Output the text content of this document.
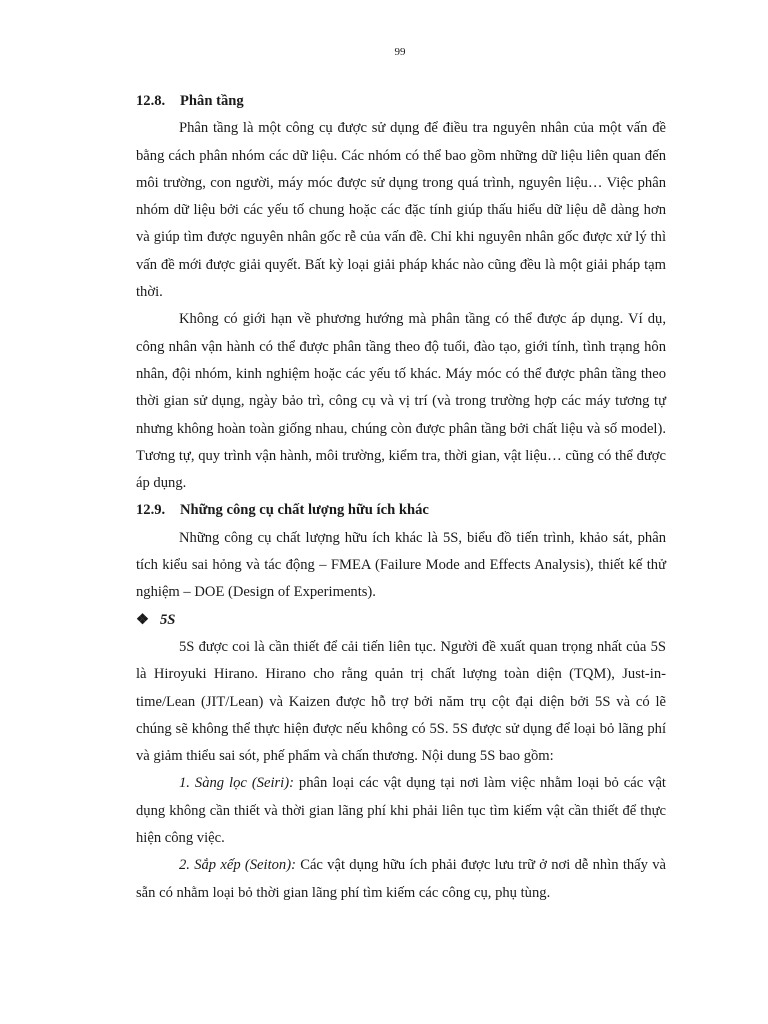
99
12.8. Phân tầng

Phân tầng là một công cụ được sử dụng để điều tra nguyên nhân của một vấn đề bằng cách phân nhóm các dữ liệu. Các nhóm có thể bao gồm những dữ liệu liên quan đến môi trường, con người, máy móc được sử dụng trong quá trình, nguyên liệu… Việc phân nhóm dữ liệu bởi các yếu tố chung hoặc các đặc tính giúp thấu hiểu dữ liệu dễ dàng hơn và giúp tìm được nguyên nhân gốc rễ của vấn đề. Chỉ khi nguyên nhân gốc được xử lý thì vấn đề mới được giải quyết. Bất kỳ loại giải pháp khác nào cũng đều là một giải pháp tạm thời.

Không có giới hạn về phương hướng mà phân tầng có thể được áp dụng. Ví dụ, công nhân vận hành có thể được phân tầng theo độ tuổi, đào tạo, giới tính, tình trạng hôn nhân, đội nhóm, kinh nghiệm hoặc các yếu tố khác. Máy móc có thể được phân tầng theo thời gian sử dụng, ngày bảo trì, công cụ và vị trí (và trong trường hợp các máy tương tự nhưng không hoàn toàn giống nhau, chúng còn được phân tầng bởi chất liệu và số model). Tương tự, quy trình vận hành, môi trường, kiểm tra, thời gian, vật liệu… cũng có thể được áp dụng.

12.9. Những công cụ chất lượng hữu ích khác

Những công cụ chất lượng hữu ích khác là 5S, biểu đồ tiến trình, khảo sát, phân tích kiểu sai hỏng và tác động – FMEA (Failure Mode and Effects Analysis), thiết kế thử nghiệm – DOE (Design of Experiments).

❖ 5S

5S được coi là cần thiết để cải tiến liên tục. Người đề xuất quan trọng nhất của 5S là Hiroyuki Hirano. Hirano cho rằng quản trị chất lượng toàn diện (TQM), Just-in-time/Lean (JIT/Lean) và Kaizen được hỗ trợ bởi năm trụ cột đại diện bởi 5S và có lẽ chúng sẽ không thể thực hiện được nếu không có 5S. 5S được sử dụng để loại bỏ lãng phí và giảm thiểu sai sót, phế phẩm và chấn thương. Nội dung 5S bao gồm:

1. Sàng lọc (Seiri): phân loại các vật dụng tại nơi làm việc nhằm loại bỏ các vật dụng không cần thiết và thời gian lãng phí khi phải liên tục tìm kiếm vật cần thiết để thực hiện công việc.

2. Sắp xếp (Seiton): Các vật dụng hữu ích phải được lưu trữ ở nơi dễ nhìn thấy và sẵn có nhằm loại bỏ thời gian lãng phí tìm kiếm các công cụ, phụ tùng.
